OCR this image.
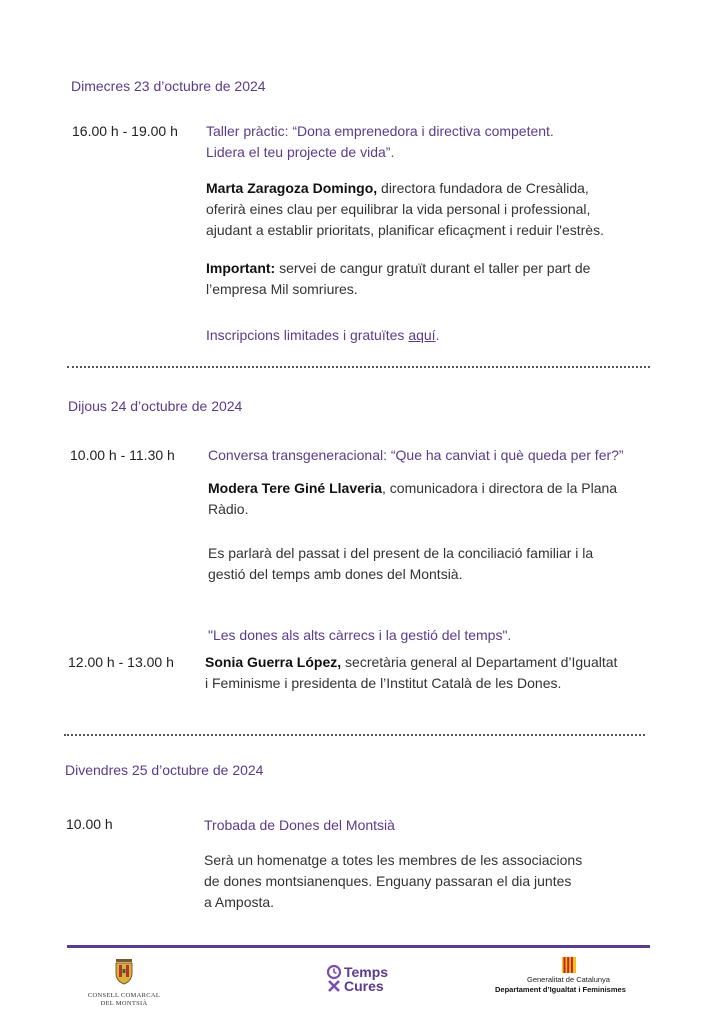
Dimecres 23 d’octubre de 2024
16.00 h - 19.00 h Taller pràctic: “Dona emprenedora i directiva competent.
Lidera el teu projecte de vida”.
Marta Zaragoza Domingo, directora fundadora de Cresàlida,
oferirà eines clau per equilibrar la vida personal i professional,
ajudant a establir prioritats, planificar eficaçment i reduir l'estrès.
Important: servei de cangur gratuït durant el taller per part de
l’empresa Mil somriures.
Inscripcions limitades i gratuïtes aquí.
Dijous 24 d’octubre de 2024
10.00 h - 11.30 h Conversa transgeneracional: “Que ha canviat i què queda per fer?”
Modera Tere Giné Llaveria, comunicadora i directora de la Plana
Ràdio.
Es parlarà del passat i del present de la conciliació familiar i la
gestió del temps amb dones del Montsià.
"Les dones als alts càrrecs i la gestió del temps".
12.00 h - 13.00 h Sonia Guerra López, secretària general al Departament d’Igualtat
i Feminisme i presidenta de l’Institut Català de les Dones.
Divendres 25 d’octubre de 2024
10.00 h	Trobada de Dones del Montsià
Serà un homenatge a totes les membres de les associacions
de dones montsianenques. Enguany passaran el dia juntes
a Amposta.
CONSELL COMARCAL
DEL MONTSIÀ
Temps
Cures	Generalitat de Catalunya
Departament d’Igualtat i Feminismes
